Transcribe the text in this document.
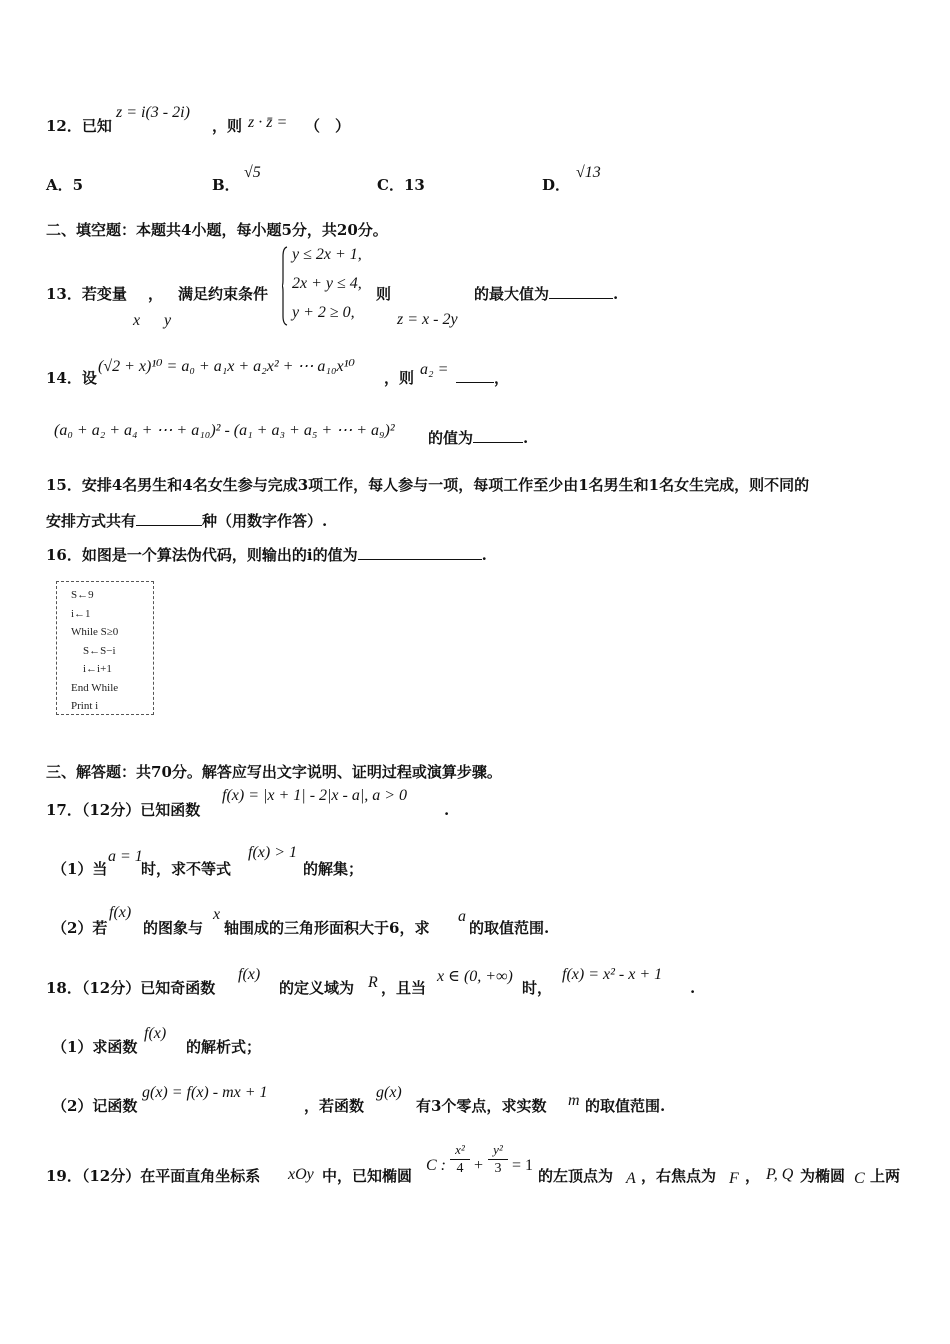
12．已知
z = i(3 - 2i)
，则 z · z̄ = （　）
A．5	B．
√5
C．13	D．
√13
二、填空题：本题共4小题，每小题5分，共20分。
13．若变量 ，
x y
满足约束条件
y ≤ 2x + 1,
2x + y ≤ 4,
y + 2 ≥ 0,
则
z = x - 2y
的最大值为	.
14．设
(√2 + x)¹⁰ = a₀ + a₁x + a₂x² + ⋯ a₁₀x¹⁰
，则 a₂ =	，
(a₀ + a₂ + a₄ + ⋯ + a₁₀)² - (a₁ + a₃ + a₅ + ⋯ + a₉)² 的值为	.
15．安排4名男生和4名女生参与完成3项工作，每人参与一项，每项工作至少由1名男生和1名女生完成，则不同的
安排方式共有	种（用数字作答）.
16．如图是一个算法伪代码，则输出的i的值为	.
S←9
i←1
While S≥0
S←S−i
i←i+1
End While
Print i
三、解答题：共70分。解答应写出文字说明、证明过程或演算步骤。
17．（12分）已知函数
f(x) = |x + 1| - 2|x - a|, a > 0
.
（1）当
a = 1
时，求不等式
f(x) > 1
的解集；
（2）若
f(x)
的图象与
x
轴围成的三角形面积大于6，求
a
的取值范围.
18．（12分）已知奇函数
f(x)
的定义域为 R ，且当
x ∈ (0, +∞)
时，
f(x) = x² - x + 1
.
（1）求函数
f(x)
的解析式；
（2）记函数
g(x) = f(x) - mx + 1
，若函数
g(x)
有3个零点，求实数 m 的取值范围.
19．（12分）在平面直角坐标系 xOy 中，已知椭圆
C :
x²
4 +
y²
3 = 1
的左顶点为 A ，右焦点为 F ， P, Q 为椭圆 C 上两
